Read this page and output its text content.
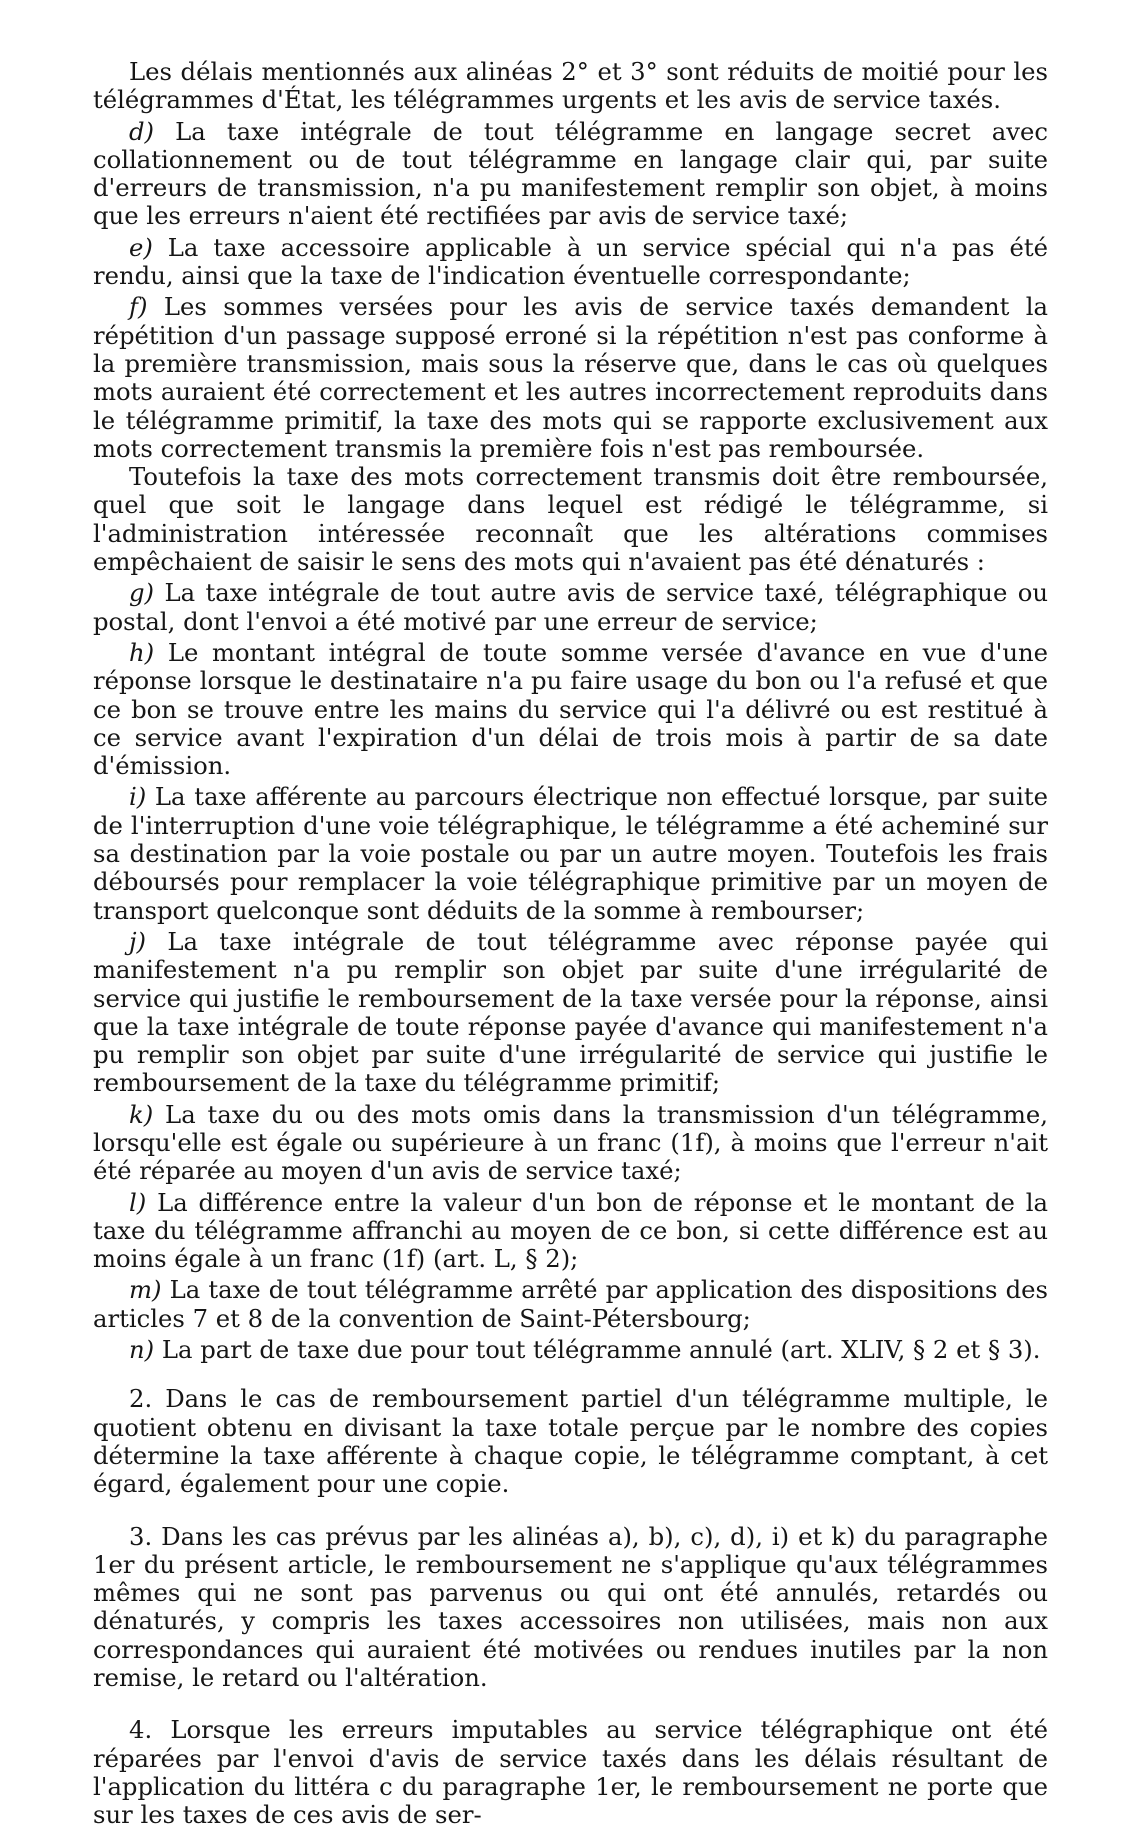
Les délais mentionnés aux alinéas 2° et 3° sont réduits de moitié pour les télégrammes d'État, les télégrammes urgents et les avis de service taxés.

d) La taxe intégrale de tout télégramme en langage secret avec collationnement ou de tout télégramme en langage clair qui, par suite d'erreurs de transmission, n'a pu manifestement remplir son objet, à moins que les erreurs n'aient été rectifiées par avis de service taxé;

e) La taxe accessoire applicable à un service spécial qui n'a pas été rendu, ainsi que la taxe de l'indication éventuelle correspondante;

f) Les sommes versées pour les avis de service taxés demandent la répétition d'un passage supposé erroné si la répétition n'est pas conforme à la première transmission, mais sous la réserve que, dans le cas où quelques mots auraient été correctement et les autres incorrectement reproduits dans le télégramme primitif, la taxe des mots qui se rapporte exclusivement aux mots correctement transmis la première fois n'est pas remboursée.

Toutefois la taxe des mots correctement transmis doit être remboursée, quel que soit le langage dans lequel est rédigé le télégramme, si l'administration intéressée reconnaît que les altérations commises empêchaient de saisir le sens des mots qui n'avaient pas été dénaturés :

g) La taxe intégrale de tout autre avis de service taxé, télégraphique ou postal, dont l'envoi a été motivé par une erreur de service;

h) Le montant intégral de toute somme versée d'avance en vue d'une réponse lorsque le destinataire n'a pu faire usage du bon ou l'a refusé et que ce bon se trouve entre les mains du service qui l'a délivré ou est restitué à ce service avant l'expiration d'un délai de trois mois à partir de sa date d'émission.

i) La taxe afférente au parcours électrique non effectué lorsque, par suite de l'interruption d'une voie télégraphique, le télégramme a été acheminé sur sa destination par la voie postale ou par un autre moyen. Toutefois les frais déboursés pour remplacer la voie télégraphique primitive par un moyen de transport quelconque sont déduits de la somme à rembourser;

j) La taxe intégrale de tout télégramme avec réponse payée qui manifestement n'a pu remplir son objet par suite d'une irrégularité de service qui justifie le remboursement de la taxe versée pour la réponse, ainsi que la taxe intégrale de toute réponse payée d'avance qui manifestement n'a pu remplir son objet par suite d'une irrégularité de service qui justifie le remboursement de la taxe du télégramme primitif;

k) La taxe du ou des mots omis dans la transmission d'un télégramme, lorsqu'elle est égale ou supérieure à un franc (1f), à moins que l'erreur n'ait été réparée au moyen d'un avis de service taxé;

l) La différence entre la valeur d'un bon de réponse et le montant de la taxe du télégramme affranchi au moyen de ce bon, si cette différence est au moins égale à un franc (1f) (art. L, § 2);

m) La taxe de tout télégramme arrêté par application des dispositions des articles 7 et 8 de la convention de Saint-Pétersbourg;

n) La part de taxe due pour tout télégramme annulé (art. XLIV, § 2 et § 3).

2. Dans le cas de remboursement partiel d'un télégramme multiple, le quotient obtenu en divisant la taxe totale perçue par le nombre des copies détermine la taxe afférente à chaque copie, le télégramme comptant, à cet égard, également pour une copie.

3. Dans les cas prévus par les alinéas a), b), c), d), i) et k) du paragraphe 1er du présent article, le remboursement ne s'applique qu'aux télégrammes mêmes qui ne sont pas parvenus ou qui ont été annulés, retardés ou dénaturés, y compris les taxes accessoires non utilisées, mais non aux correspondances qui auraient été motivées ou rendues inutiles par la non remise, le retard ou l'altération.

4. Lorsque les erreurs imputables au service télégraphique ont été réparées par l'envoi d'avis de service taxés dans les délais résultant de l'application du littéra c du paragraphe 1er, le remboursement ne porte que sur les taxes de ces avis de ser-
